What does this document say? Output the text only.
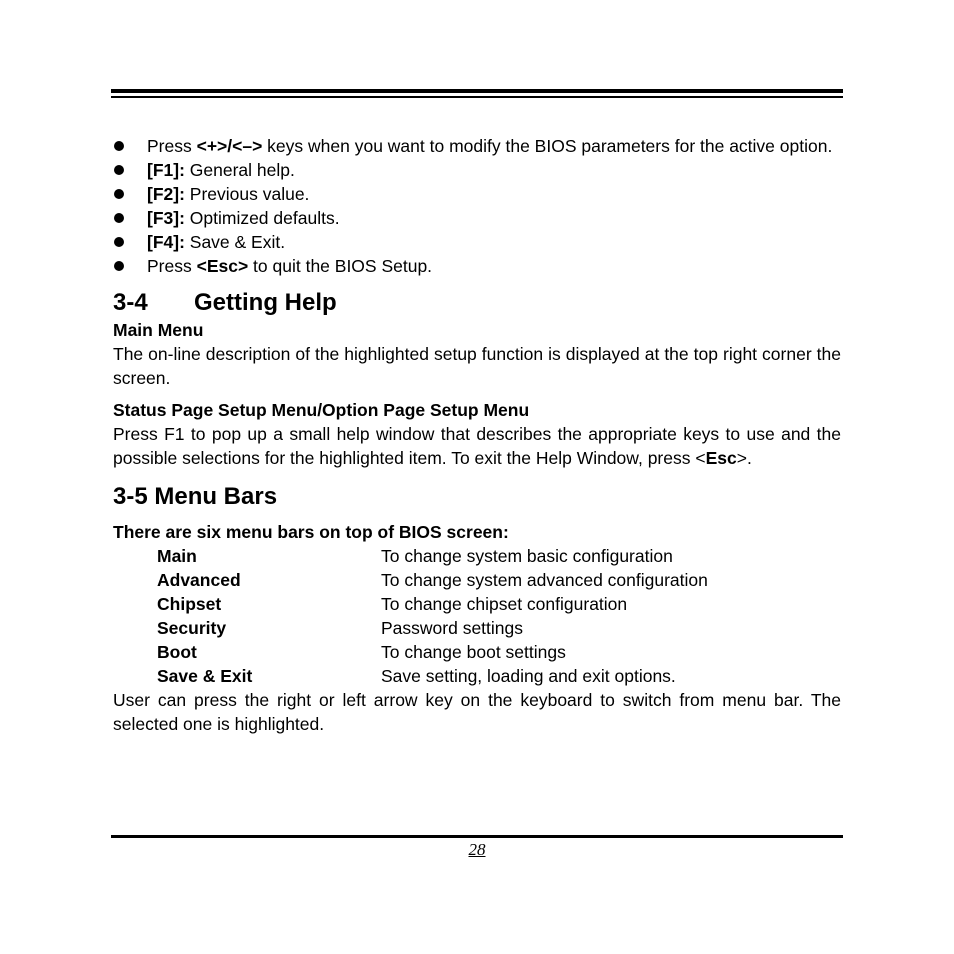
Press <+>/<–> keys when you want to modify the BIOS parameters for the active option.
[F1]: General help.
[F2]: Previous value.
[F3]: Optimized defaults.
[F4]: Save & Exit.
Press <Esc> to quit the BIOS Setup.
3-4 Getting Help
Main Menu

The on-line description of the highlighted setup function is displayed at the top right corner the screen.

Status Page Setup Menu/Option Page Setup Menu

Press F1 to pop up a small help window that describes the appropriate keys to use and the possible selections for the highlighted item. To exit the Help Window, press <Esc>.

3-5 Menu Bars
There are six menu bars on top of BIOS screen:
Main	To change system basic configuration
Advanced	To change system advanced configuration
Chipset	To change chipset configuration
Security	Password settings
Boot	To change boot settings
Save & Exit	Save setting, loading and exit options.

User can press the right or left arrow key on the keyboard to switch from menu bar. The selected one is highlighted.

28
